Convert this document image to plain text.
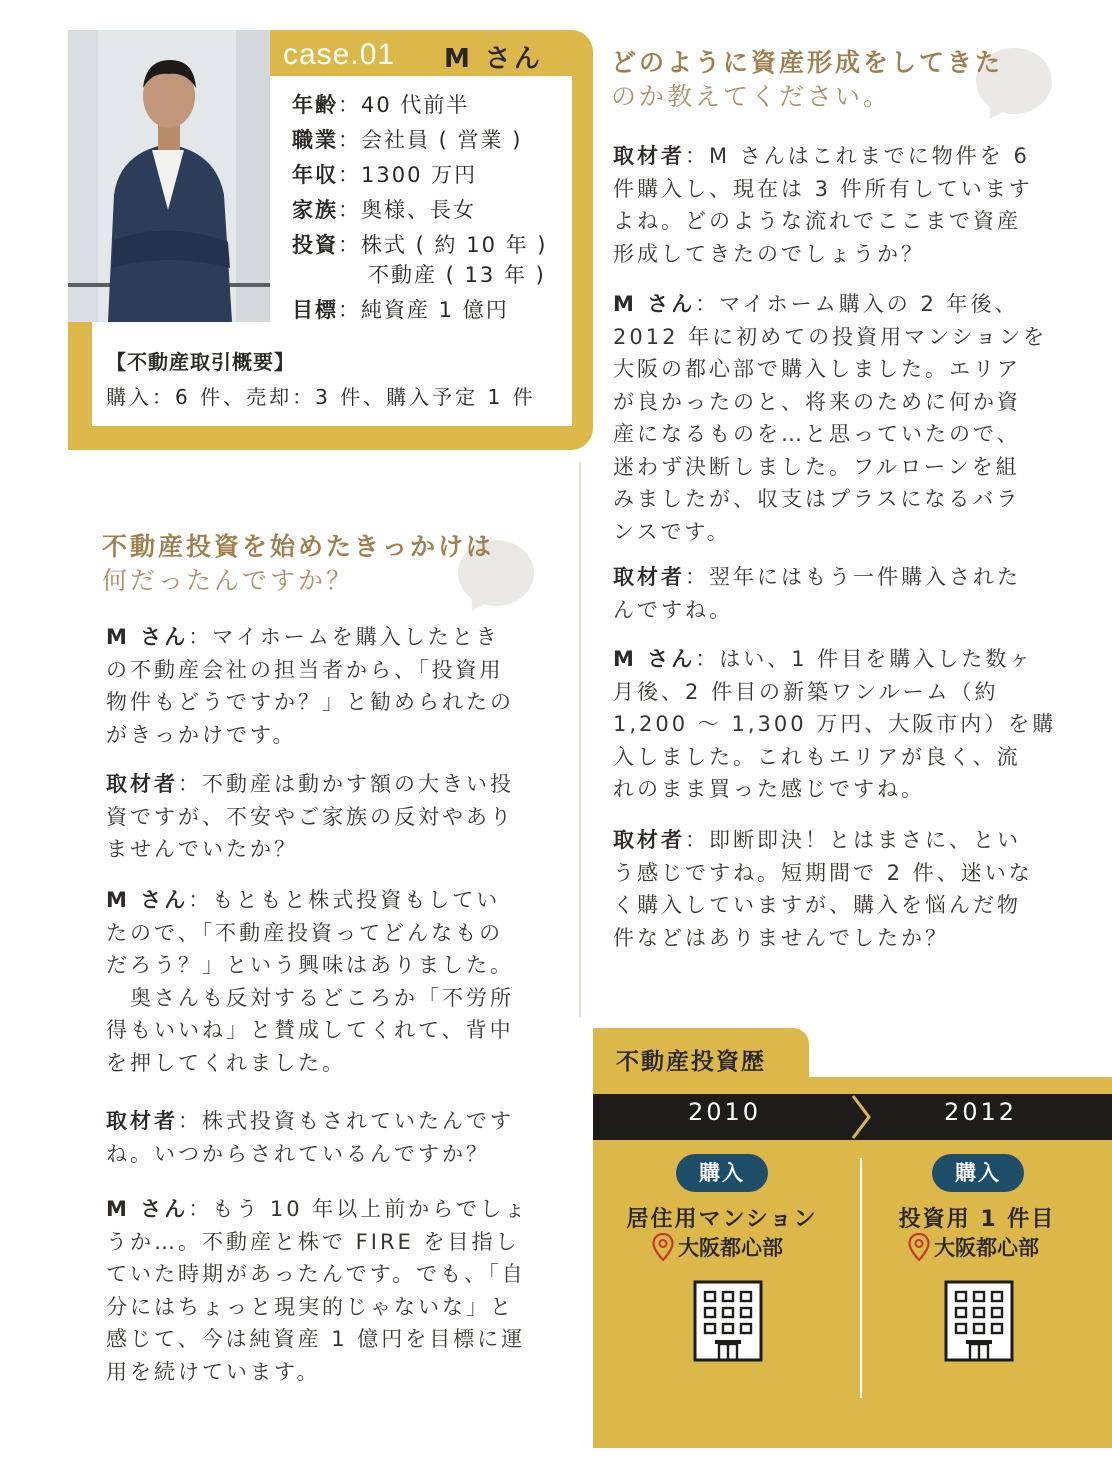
case.01 M さん
年齢：40 代前半
職業：会社員 ( 営業 )
年収：1300 万円
家族：奥様、長女
投資：株式 ( 約 10 年 )
不動産 ( 13 年 )
目標：純資産 1 億円
【不動産取引概要】
購入：6 件、売却：3 件、購入予定 1 件
どのように資産形成をしてきた
のか教えてください。
取材者：M さんはこれまでに物件を 6
件購入し、現在は 3 件所有しています
よね。どのような流れでここまで資産
形成してきたのでしょうか？
M さん：マイホーム購入の 2 年後、
2012 年に初めての投資用マンションを
大阪の都心部で購入しました。エリア
が良かったのと、将来のために何か資
産になるものを…と思っていたので、
迷わず決断しました。フルローンを組
みましたが、収支はプラスになるバラ
ンスです。
取材者：翌年にはもう一件購入された
んですね。
M さん：はい、1 件目を購入した数ヶ
月後、2 件目の新築ワンルーム（約
1,200 ～ 1,300 万円、大阪市内）を購
入しました。これもエリアが良く、流
れのまま買った感じですね。
取材者：即断即決！とはまさに、とい
う感じですね。短期間で 2 件、迷いな
く購入していますが、購入を悩んだ物
件などはありませんでしたか？
不動産投資を始めたきっかけは
何だったんですか？
M さん：マイホームを購入したとき
の不動産会社の担当者から、「投資用
物件もどうですか？」と勧められたの
がきっかけです。
取材者：不動産は動かす額の大きい投
資ですが、不安やご家族の反対やあり
ませんでいたか？
M さん：もともと株式投資もしてい
たので、「不動産投資ってどんなもの
だろう？」という興味はありました。
　奥さんも反対するどころか「不労所
得もいいね」と賛成してくれて、背中
を押してくれました。
取材者：株式投資もされていたんです
ね。いつからされているんですか？
M さん：もう 10 年以上前からでしょ
うか…。不動産と株で FIRE を目指し
ていた時期があったんです。でも、「自
分にはちょっと現実的じゃないな」と
感じて、今は純資産 1 億円を目標に運
用を続けています。
不動産投資歴
2010	2012
購入
居住用マンション
大阪都心部
購入
投資用 1 件目
大阪都心部
